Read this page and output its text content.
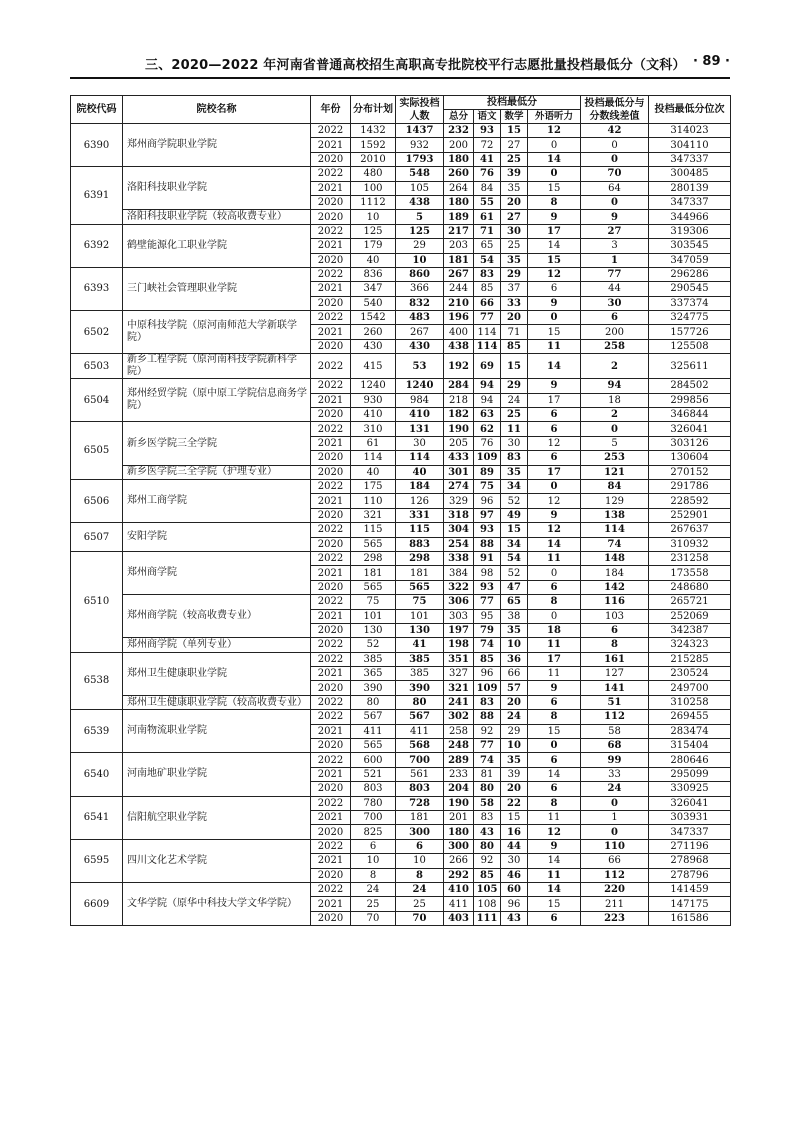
三、2020—2022 年河南省普通高校招生高职高专批院校平行志愿批量投档最低分（文科） · 89 ·
院校代码	院校名称	年份	分布计划	实际投档人数	投档最低分				投档最低分与分数线差值	投档最低分位次
					总分	语文	数学	外语听力		
6390	郑州商学院职业学院	2022	1432	1437	232	93	15	12	42	314023
		2021	1592	932	200	72	27	0	0	304110
		2020	2010	1793	180	41	25	14	0	347337
6391	洛阳科技职业学院	2022	480	548	260	76	39	0	70	300485
		2021	100	105	264	84	35	15	64	280139
		2020	1112	438	180	55	20	8	0	347337
	洛阳科技职业学院（较高收费专业）	2020	10	5	189	61	27	9	9	344966
6392	鹤壁能源化工职业学院	2022	125	125	217	71	30	17	27	319306
		2021	179	29	203	65	25	14	3	303545
		2020	40	10	181	54	35	15	1	347059
6393	三门峡社会管理职业学院	2022	836	860	267	83	29	12	77	296286
		2021	347	366	244	85	37	6	44	290545
		2020	540	832	210	66	33	9	30	337374
6502	中原科技学院（原河南师范大学新联学院）	2022	1542	483	196	77	20	0	6	324775
		2021	260	267	400	114	71	15	200	157726
		2020	430	430	438	114	85	11	258	125508
6503	新乡工程学院（原河南科技学院新科学院）	2022	415	53	192	69	15	14	2	325611
6504	郑州经贸学院（原中原工学院信息商务学院）	2022	1240	1240	284	94	29	9	94	284502
		2021	930	984	218	94	24	17	18	299856
		2020	410	410	182	63	25	6	2	346844
6505	新乡医学院三全学院	2022	310	131	190	62	11	6	0	326041
		2021	61	30	205	76	30	12	5	303126
		2020	114	114	433	109	83	6	253	130604
	新乡医学院三全学院（护理专业）	2020	40	40	301	89	35	17	121	270152
6506	郑州工商学院	2022	175	184	274	75	34	0	84	291786
		2021	110	126	329	96	52	12	129	228592
		2020	321	331	318	97	49	9	138	252901
6507	安阳学院	2022	115	115	304	93	15	12	114	267637
		2020	565	883	254	88	34	14	74	310932
6510	郑州商学院	2022	298	298	338	91	54	11	148	231258
		2021	181	181	384	98	52	0	184	173558
		2020	565	565	322	93	47	6	142	248680
	郑州商学院（较高收费专业）	2022	75	75	306	77	65	8	116	265721
		2021	101	101	303	95	38	0	103	252069
		2020	130	130	197	79	35	18	6	342387
	郑州商学院（单列专业）	2022	52	41	198	74	10	11	8	324323
6538	郑州卫生健康职业学院	2022	385	385	351	85	36	17	161	215285
		2021	365	385	327	96	66	11	127	230524
		2020	390	390	321	109	57	9	141	249700
	郑州卫生健康职业学院（较高收费专业）	2022	80	80	241	83	20	6	51	310258
6539	河南物流职业学院	2022	567	567	302	88	24	8	112	269455
		2021	411	411	258	92	29	15	58	283474
		2020	565	568	248	77	10	0	68	315404
6540	河南地矿职业学院	2022	600	700	289	74	35	6	99	280646
		2021	521	561	233	81	39	14	33	295099
		2020	803	803	204	80	20	6	24	330925
6541	信阳航空职业学院	2022	780	728	190	58	22	8	0	326041
		2021	700	181	201	83	15	11	1	303931
		2020	825	300	180	43	16	12	0	347337
6595	四川文化艺术学院	2022	6	6	300	80	44	9	110	271196
		2021	10	10	266	92	30	14	66	278968
		2020	8	8	292	85	46	11	112	278796
6609	文华学院（原华中科技大学文华学院）	2022	24	24	410	105	60	14	220	141459
		2021	25	25	411	108	96	15	211	147175
		2020	70	70	403	111	43	6	223	161586
